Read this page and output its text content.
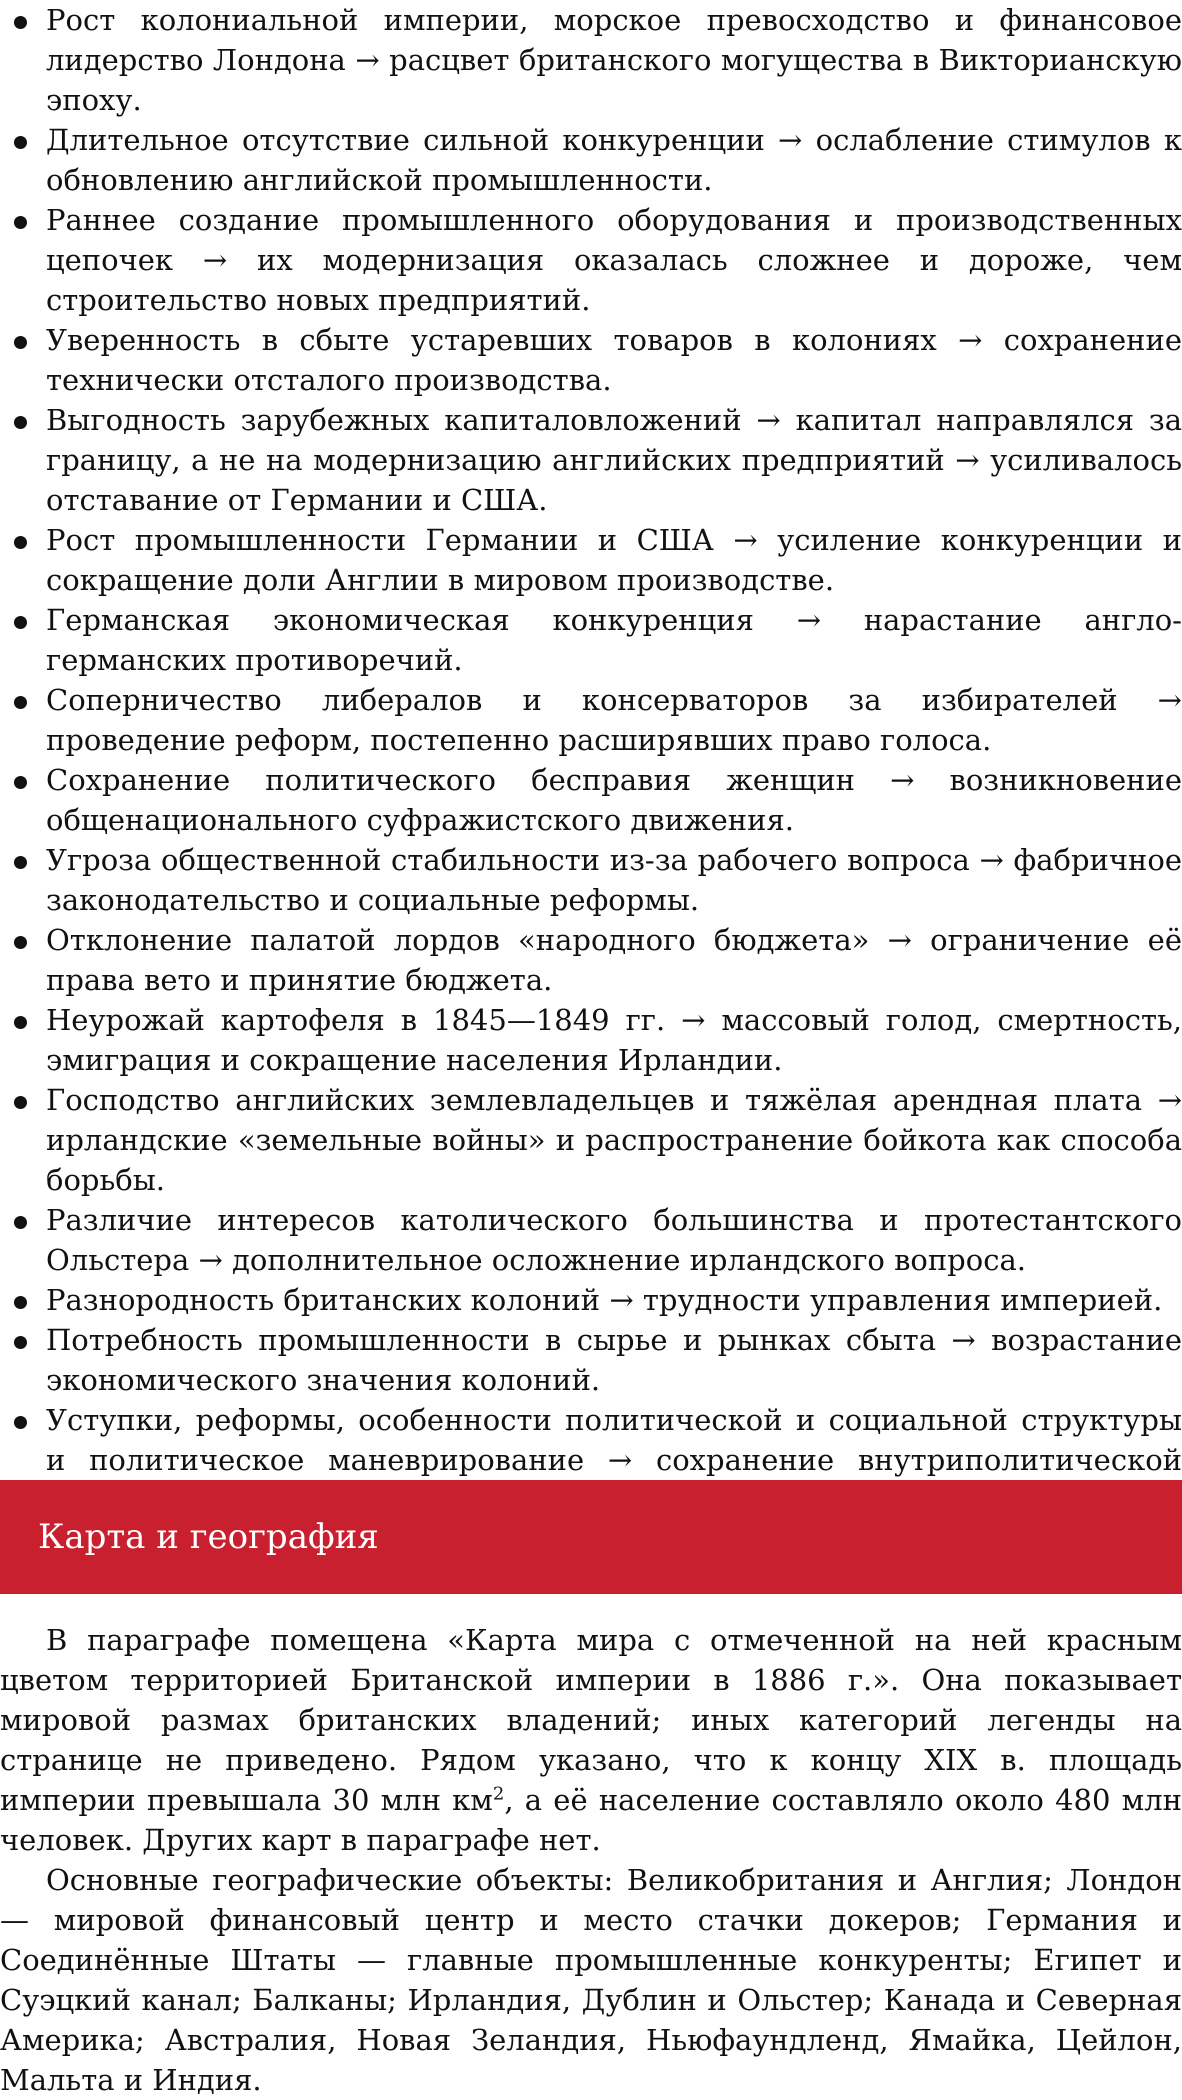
Рост колониальной империи, морское превосходство и финансовое лидерство Лондона → расцвет британского могущества в Викторианскую эпоху.
Длительное отсутствие сильной конкуренции → ослабление стимулов к обновлению английской промышленности.
Раннее создание промышленного оборудования и производственных цепочек → их модернизация оказалась сложнее и дороже, чем строительство новых предприятий.
Уверенность в сбыте устаревших товаров в колониях → сохранение технически отсталого производства.
Выгодность зарубежных капиталовложений → капитал направлялся за границу, а не на модернизацию английских предприятий → усиливалось отставание от Германии и США.
Рост промышленности Германии и США → усиление конкуренции и сокращение доли Англии в мировом производстве.
Германская экономическая конкуренция → нарастание англо-германских противоречий.
Соперничество либералов и консерваторов за избирателей → проведение реформ, постепенно расширявших право голоса.
Сохранение политического бесправия женщин → возникновение общенационального суфражистского движения.
Угроза общественной стабильности из-за рабочего вопроса → фабричное законодательство и социальные реформы.
Отклонение палатой лордов «народного бюджета» → ограничение её права вето и принятие бюджета.
Неурожай картофеля в 1845—1849 гг. → массовый голод, смертность, эмиграция и сокращение населения Ирландии.
Господство английских землевладельцев и тяжёлая арендная плата → ирландские «земельные войны» и распространение бойкота как способа борьбы.
Различие интересов католического большинства и протестантского Ольстера → дополнительное осложнение ирландского вопроса.
Разнородность британских колоний → трудности управления империей.
Потребность промышленности в сырье и рынках сбыта → возрастание экономического значения колоний.
Уступки, реформы, особенности политической и социальной структуры и политическое маневрирование → сохранение внутриполитической
Карта и география

В параграфе помещена «Карта мира с отмеченной на ней красным цветом территорией Британской империи в 1886 г.». Она показывает мировой размах британских владений; иных категорий легенды на странице не приведено. Рядом указано, что к концу XIX в. площадь империи превышала 30 млн $км^2$, а её население составляло около 480 млн человек. Других карт в параграфе нет.

Основные географические объекты: Великобритания и Англия; Лондон — мировой финансовый центр и место стачки докеров; Германия и Соединённые Штаты — главные промышленные конкуренты; Египет и Суэцкий канал; Балканы; Ирландия, Дублин и Ольстер; Канада и Северная Америка; Австралия, Новая Зеландия, Ньюфаундленд, Ямайка, Цейлон, Мальта и Индия.
